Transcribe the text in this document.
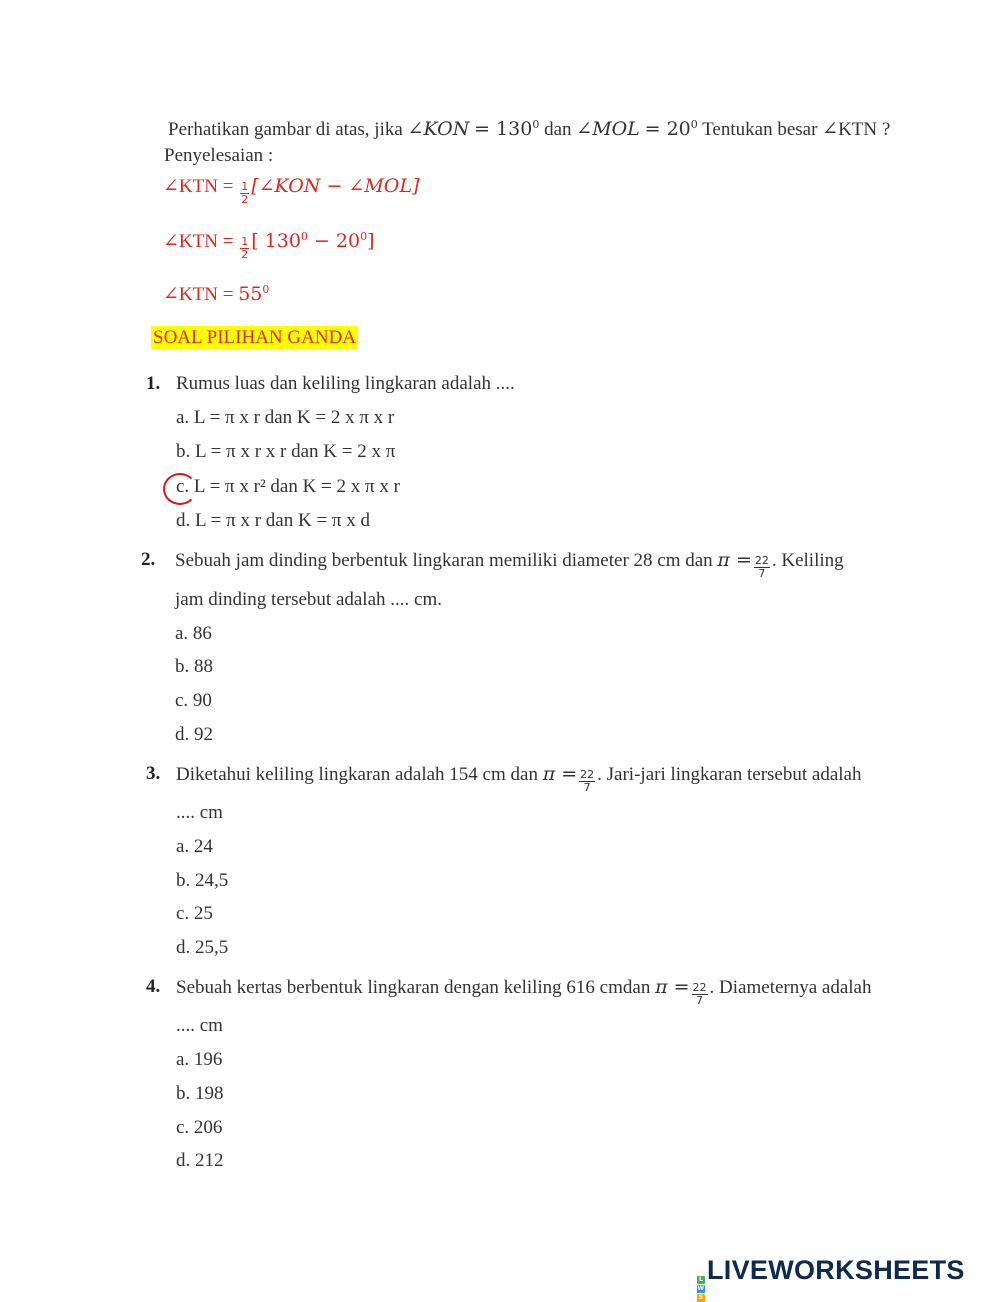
Perhatikan gambar di atas, jika ∠KON = $130^0$ dan ∠MOL = $20^0$ Tentukan besar ∠KTN ?
Penyelesaian :
∠KTN = $\frac{1}{2}$ [∠KON − ∠MOL]
∠KTN = $\frac{1}{2}$ [ $130^0 - 20^0$]
∠KTN = $55^0$
SOAL PILIHAN GANDA
1. Rumus luas dan keliling lingkaran adalah ....
a. L = π x r dan K = 2 x π x r
b. L = π x r x r dan K = 2 x π
c. L = π x r² dan K = 2 x π x r
d. L = π x r dan K = π x d
2. Sebuah jam dinding berbentuk lingkaran memiliki diameter 28 cm dan $\pi = \frac{22}{7}$ . Keliling
jam dinding tersebut adalah .... cm.
a. 86
b. 88
c. 90
d. 92
3. Diketahui keliling lingkaran adalah 154 cm dan $\pi = \frac{22}{7}$ . Jari-jari lingkaran tersebut adalah
.... cm
a. 24
b. 24,5
c. 25
d. 25,5
4. Sebuah kertas berbentuk lingkaran dengan keliling 616 cmdan $\pi = \frac{22}{7}$ . Diameternya adalah
.... cm
a. 196
b. 198
c. 206
d. 212
L
W
S
LIVEWORKSHEETS
